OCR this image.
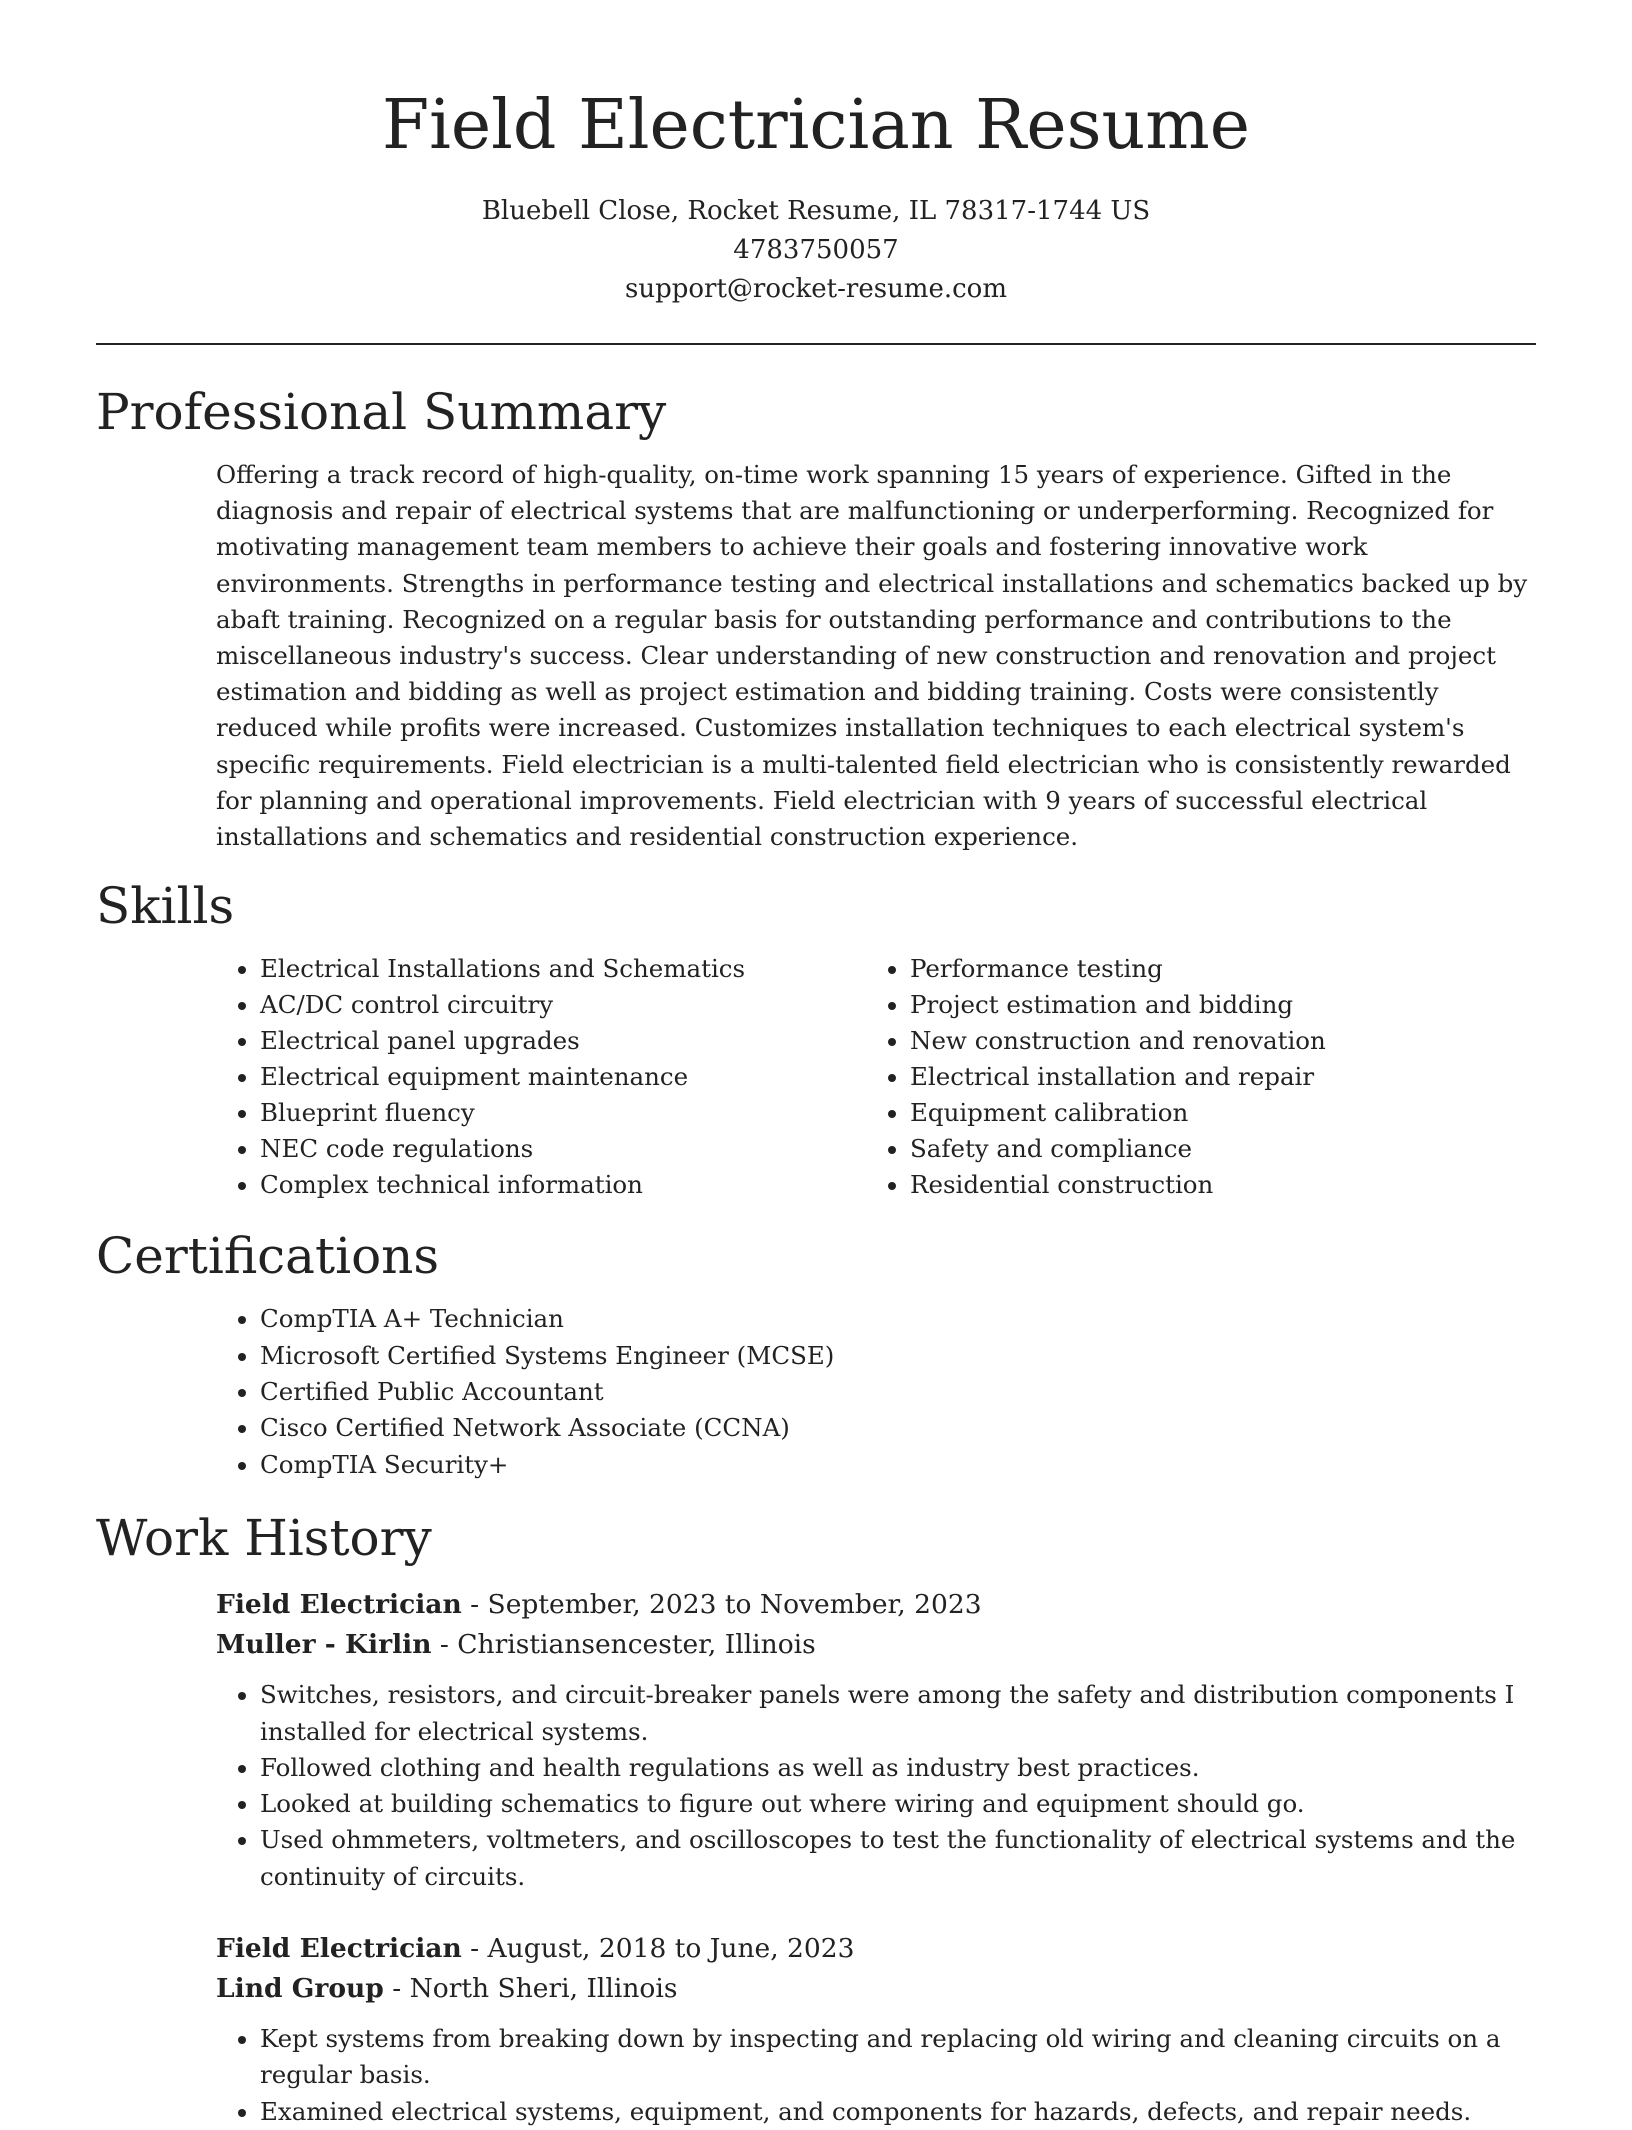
Field Electrician Resume
Bluebell Close, Rocket Resume, IL 78317-1744 US
4783750057
support@rocket-resume.com
Professional Summary

Offering a track record of high-quality, on-time work spanning 15 years of experience. Gifted in the diagnosis and repair of electrical systems that are malfunctioning or underperforming. Recognized for motivating management team members to achieve their goals and fostering innovative work environments. Strengths in performance testing and electrical installations and schematics backed up by abaft training. Recognized on a regular basis for outstanding performance and contributions to the miscellaneous industry's success. Clear understanding of new construction and renovation and project estimation and bidding as well as project estimation and bidding training. Costs were consistently reduced while profits were increased. Customizes installation techniques to each electrical system's specific requirements. Field electrician is a multi-talented field electrician who is consistently rewarded for planning and operational improvements. Field electrician with 9 years of successful electrical installations and schematics and residential construction experience.

Skills
• Electrical Installations and Schematics
• AC/DC control circuitry
• Electrical panel upgrades
• Electrical equipment maintenance
• Blueprint fluency
• NEC code regulations
• Complex technical information
• Performance testing
• Project estimation and bidding
• New construction and renovation
• Electrical installation and repair
• Equipment calibration
• Safety and compliance
• Residential construction
Certifications
• CompTIA A+ Technician
• Microsoft Certified Systems Engineer (MCSE)
• Certified Public Accountant
• Cisco Certified Network Associate (CCNA)
• CompTIA Security+
Work History
Field Electrician - September, 2023 to November, 2023
Muller - Kirlin - Christiansencester, Illinois
• Switches, resistors, and circuit-breaker panels were among the safety and distribution components I installed for electrical systems.
• Followed clothing and health regulations as well as industry best practices.
• Looked at building schematics to figure out where wiring and equipment should go.
• Used ohmmeters, voltmeters, and oscilloscopes to test the functionality of electrical systems and the continuity of circuits.
Field Electrician - August, 2018 to June, 2023
Lind Group - North Sheri, Illinois
• Kept systems from breaking down by inspecting and replacing old wiring and cleaning circuits on a regular basis.
• Examined electrical systems, equipment, and components for hazards, defects, and repair needs.
